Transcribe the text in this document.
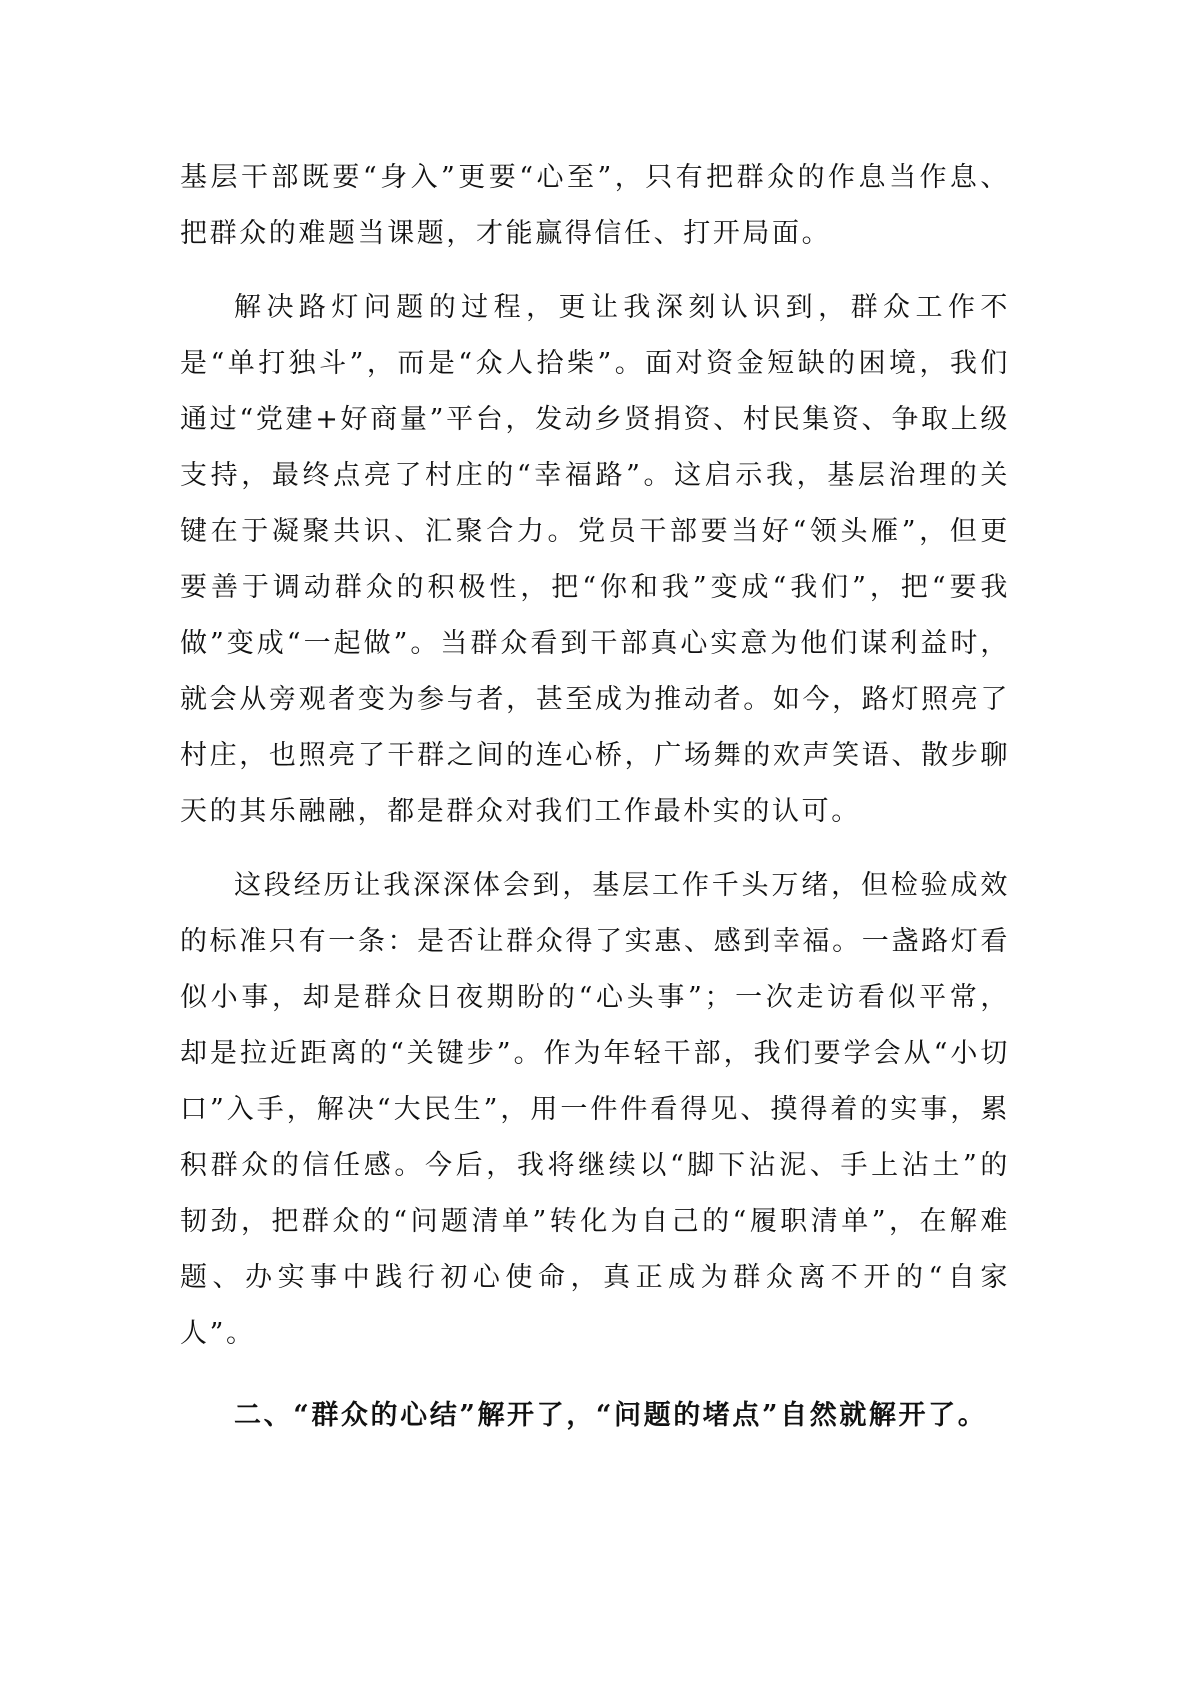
基层干部既要“身入”更要“心至”，只有把群众的作息当作息、把群众的难题当课题，才能赢得信任、打开局面。

解决路灯问题的过程，更让我深刻认识到，群众工作不是“单打独斗”，而是“众人拾柴”。面对资金短缺的困境，我们通过“党建+好商量”平台，发动乡贤捐资、村民集资、争取上级支持，最终点亮了村庄的“幸福路”。这启示我，基层治理的关键在于凝聚共识、汇聚合力。党员干部要当好“领头雁”，但更要善于调动群众的积极性，把“你和我”变成“我们”，把“要我做”变成“一起做”。当群众看到干部真心实意为他们谋利益时，就会从旁观者变为参与者，甚至成为推动者。如今，路灯照亮了村庄，也照亮了干群之间的连心桥，广场舞的欢声笑语、散步聊天的其乐融融，都是群众对我们工作最朴实的认可。

这段经历让我深深体会到，基层工作千头万绪，但检验成效的标准只有一条：是否让群众得了实惠、感到幸福。一盏路灯看似小事，却是群众日夜期盼的“心头事”；一次走访看似平常，却是拉近距离的“关键步”。作为年轻干部，我们要学会从“小切口”入手，解决“大民生”，用一件件看得见、摸得着的实事，累积群众的信任感。今后，我将继续以“脚下沾泥、手上沾土”的韧劲，把群众的“问题清单”转化为自己的“履职清单”，在解难题、办实事中践行初心使命，真正成为群众离不开的“自家人”。

二、“群众的心结”解开了，“问题的堵点”自然就解开了。
